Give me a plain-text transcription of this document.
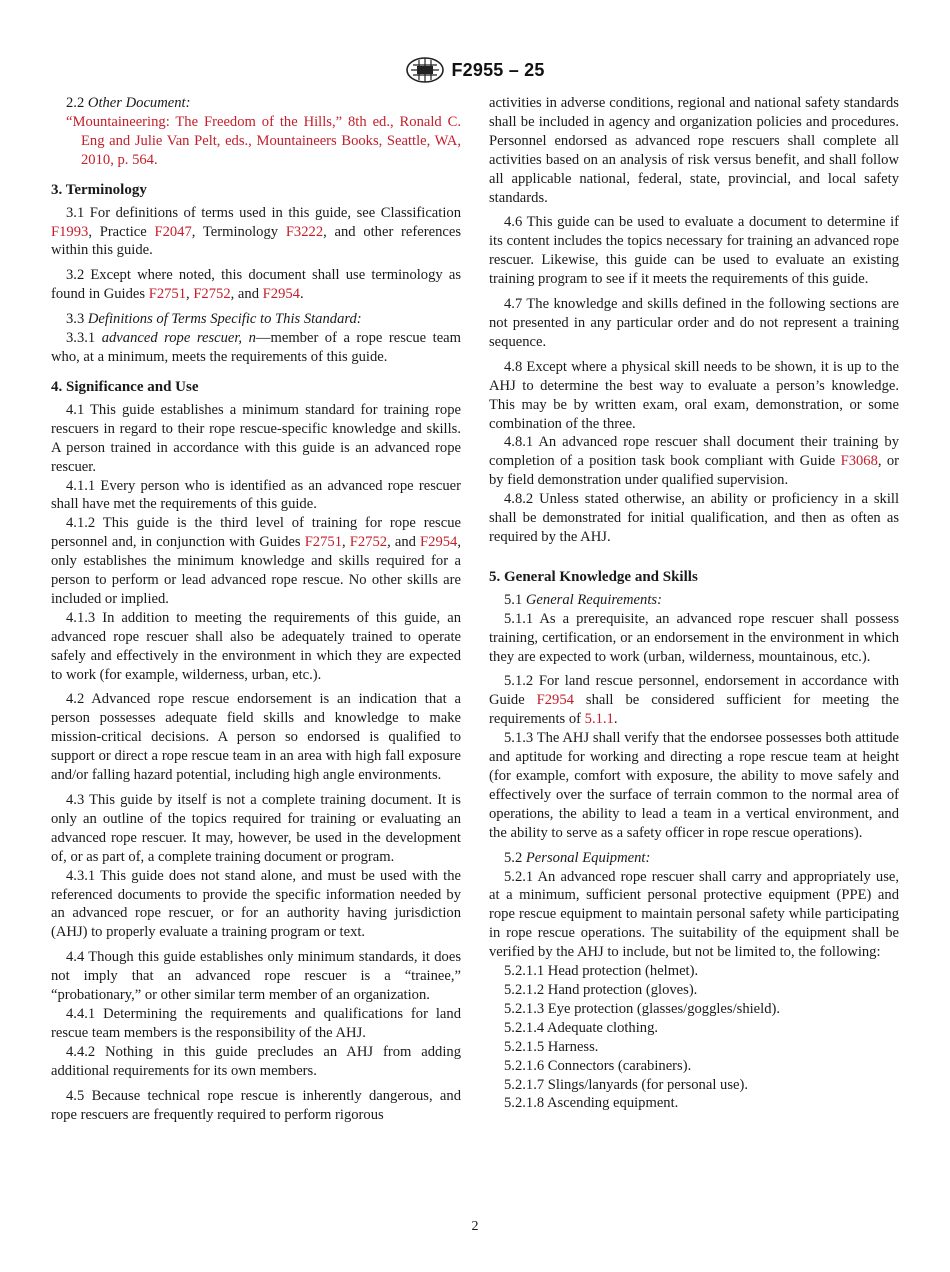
F2955 – 25

2.2 Other Document:

“Mountaineering: The Freedom of the Hills,” 8th ed., Ronald C. Eng and Julie Van Pelt, eds., Mountaineers Books, Seattle, WA, 2010, p. 564.

3. Terminology

3.1 For definitions of terms used in this guide, see Classification F1993, Practice F2047, Terminology F3222, and other references within this guide.

3.2 Except where noted, this document shall use terminology as found in Guides F2751, F2752, and F2954.

3.3 Definitions of Terms Specific to This Standard:

3.3.1 advanced rope rescuer, n—member of a rope rescue team who, at a minimum, meets the requirements of this guide.

4. Significance and Use

4.1 This guide establishes a minimum standard for training rope rescuers in regard to their rope rescue-specific knowledge and skills. A person trained in accordance with this guide is an advanced rope rescuer.

4.1.1 Every person who is identified as an advanced rope rescuer shall have met the requirements of this guide.

4.1.2 This guide is the third level of training for rope rescue personnel and, in conjunction with Guides F2751, F2752, and F2954, only establishes the minimum knowledge and skills required for a person to perform or lead advanced rope rescue. No other skills are included or implied.

4.1.3 In addition to meeting the requirements of this guide, an advanced rope rescuer shall also be adequately trained to operate safely and effectively in the environment in which they are expected to work (for example, wilderness, urban, etc.).

4.2 Advanced rope rescue endorsement is an indication that a person possesses adequate field skills and knowledge to make mission-critical decisions. A person so endorsed is qualified to support or direct a rope rescue team in an area with high fall exposure and/or falling hazard potential, including high angle environments.

4.3 This guide by itself is not a complete training document. It is only an outline of the topics required for training or evaluating an advanced rope rescuer. It may, however, be used in the development of, or as part of, a complete training document or program.

4.3.1 This guide does not stand alone, and must be used with the referenced documents to provide the specific information needed by an advanced rope rescuer, or for an authority having jurisdiction (AHJ) to properly evaluate a training program or text.

4.4 Though this guide establishes only minimum standards, it does not imply that an advanced rope rescuer is a “trainee,” “probationary,” or other similar term member of an organization.

4.4.1 Determining the requirements and qualifications for land rescue team members is the responsibility of the AHJ.

4.4.2 Nothing in this guide precludes an AHJ from adding additional requirements for its own members.

4.5 Because technical rope rescue is inherently dangerous, and rope rescuers are frequently required to perform rigorous

activities in adverse conditions, regional and national safety standards shall be included in agency and organization policies and procedures. Personnel endorsed as advanced rope rescuers shall complete all activities based on an analysis of risk versus benefit, and shall follow all applicable national, federal, state, provincial, and local safety standards.

4.6 This guide can be used to evaluate a document to determine if its content includes the topics necessary for training an advanced rope rescuer. Likewise, this guide can be used to evaluate an existing training program to see if it meets the requirements of this guide.

4.7 The knowledge and skills defined in the following sections are not presented in any particular order and do not represent a training sequence.

4.8 Except where a physical skill needs to be shown, it is up to the AHJ to determine the best way to evaluate a person’s knowledge. This may be by written exam, oral exam, demonstration, or some combination of the three.

4.8.1 An advanced rope rescuer shall document their training by completion of a position task book compliant with Guide F3068, or by field demonstration under qualified supervision.

4.8.2 Unless stated otherwise, an ability or proficiency in a skill shall be demonstrated for initial qualification, and then as often as required by the AHJ.

5. General Knowledge and Skills

5.1 General Requirements:

5.1.1 As a prerequisite, an advanced rope rescuer shall possess training, certification, or an endorsement in the environment in which they are expected to work (urban, wilderness, mountainous, etc.).

5.1.2 For land rescue personnel, endorsement in accordance with Guide F2954 shall be considered sufficient for meeting the requirements of 5.1.1.

5.1.3 The AHJ shall verify that the endorsee possesses both attitude and aptitude for working and directing a rope rescue team at height (for example, comfort with exposure, the ability to move safely and effectively over the surface of terrain common to the normal area of operations, the ability to lead a team in a vertical environment, and the ability to serve as a safety officer in rope rescue operations).

5.2 Personal Equipment:

5.2.1 An advanced rope rescuer shall carry and appropriately use, at a minimum, sufficient personal protective equipment (PPE) and rope rescue equipment to maintain personal safety while participating in rope rescue operations. The suitability of the equipment shall be verified by the AHJ to include, but not be limited to, the following:

5.2.1.1 Head protection (helmet).

5.2.1.2 Hand protection (gloves).

5.2.1.3 Eye protection (glasses/goggles/shield).

5.2.1.4 Adequate clothing.

5.2.1.5 Harness.

5.2.1.6 Connectors (carabiners).

5.2.1.7 Slings/lanyards (for personal use).

5.2.1.8 Ascending equipment.

2
